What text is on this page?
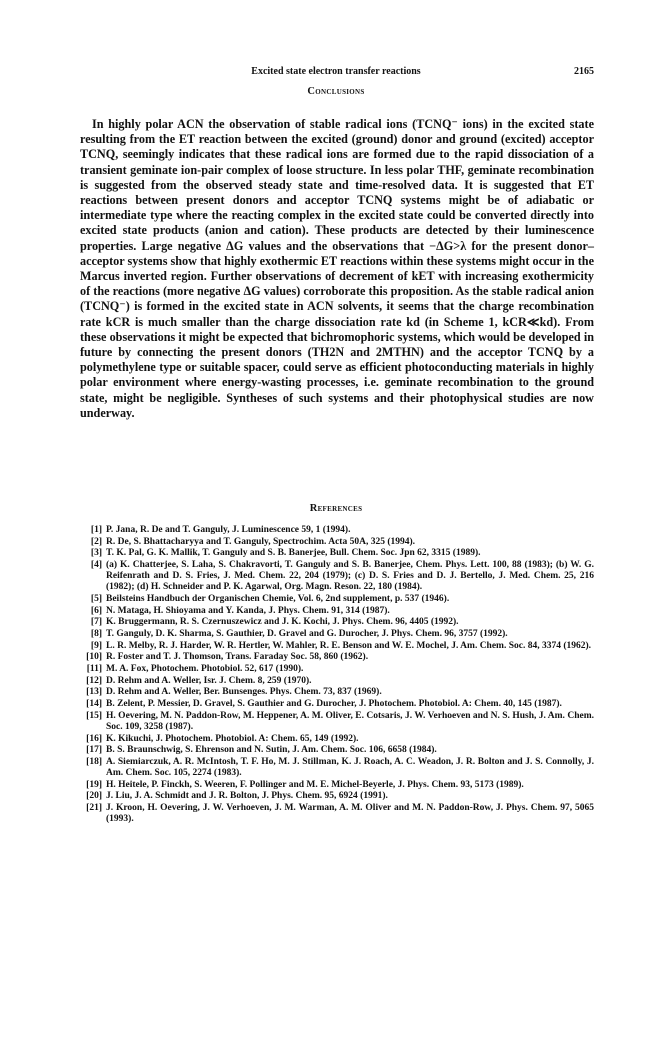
Excited state electron transfer reactions	2165
Conclusions

In highly polar ACN the observation of stable radical ions (TCNQ⁻ ions) in the excited state resulting from the ET reaction between the excited (ground) donor and ground (excited) acceptor TCNQ, seemingly indicates that these radical ions are formed due to the rapid dissociation of a transient geminate ion-pair complex of loose structure. In less polar THF, geminate recombination is suggested from the observed steady state and time-resolved data. It is suggested that ET reactions between present donors and acceptor TCNQ systems might be of adiabatic or intermediate type where the reacting complex in the excited state could be converted directly into excited state products (anion and cation). These products are detected by their luminescence properties. Large negative ΔG values and the observations that −ΔG>λ for the present donor–acceptor systems show that highly exothermic ET reactions within these systems might occur in the Marcus inverted region. Further observations of decrement of kET with increasing exothermicity of the reactions (more negative ΔG values) corroborate this proposition. As the stable radical anion (TCNQ⁻) is formed in the excited state in ACN solvents, it seems that the charge recombination rate kCR is much smaller than the charge dissociation rate kd (in Scheme 1, kCR≪kd). From these observations it might be expected that bichromophoric systems, which would be developed in future by connecting the present donors (TH2N and 2MTHN) and the acceptor TCNQ by a polymethylene type or suitable spacer, could serve as efficient photoconducting materials in highly polar environment where energy-wasting processes, i.e. geminate recombination to the ground state, might be negligible. Syntheses of such systems and their photophysical studies are now underway.

References
[1] P. Jana, R. De and T. Ganguly, J. Luminescence 59, 1 (1994).
[2] R. De, S. Bhattacharyya and T. Ganguly, Spectrochim. Acta 50A, 325 (1994).
[3] T. K. Pal, G. K. Mallik, T. Ganguly and S. B. Banerjee, Bull. Chem. Soc. Jpn 62, 3315 (1989).
[4] (a) K. Chatterjee, S. Laha, S. Chakravorti, T. Ganguly and S. B. Banerjee, Chem. Phys. Lett. 100, 88 (1983); (b) W. G. Reifenrath and D. S. Fries, J. Med. Chem. 22, 204 (1979); (c) D. S. Fries and D. J. Bertello, J. Med. Chem. 25, 216 (1982); (d) H. Schneider and P. K. Agarwal, Org. Magn. Reson. 22, 180 (1984).
[5] Beilsteins Handbuch der Organischen Chemie, Vol. 6, 2nd supplement, p. 537 (1946).
[6] N. Mataga, H. Shioyama and Y. Kanda, J. Phys. Chem. 91, 314 (1987).
[7] K. Bruggermann, R. S. Czernuszewicz and J. K. Kochi, J. Phys. Chem. 96, 4405 (1992).
[8] T. Ganguly, D. K. Sharma, S. Gauthier, D. Gravel and G. Durocher, J. Phys. Chem. 96, 3757 (1992).
[9] L. R. Melby, R. J. Harder, W. R. Hertler, W. Mahler, R. E. Benson and W. E. Mochel, J. Am. Chem. Soc. 84, 3374 (1962).
[10] R. Foster and T. J. Thomson, Trans. Faraday Soc. 58, 860 (1962).
[11] M. A. Fox, Photochem. Photobiol. 52, 617 (1990).
[12] D. Rehm and A. Weller, Isr. J. Chem. 8, 259 (1970).
[13] D. Rehm and A. Weller, Ber. Bunsenges. Phys. Chem. 73, 837 (1969).
[14] B. Zelent, P. Messier, D. Gravel, S. Gauthier and G. Durocher, J. Photochem. Photobiol. A: Chem. 40, 145 (1987).
[15] H. Oevering, M. N. Paddon-Row, M. Heppener, A. M. Oliver, E. Cotsaris, J. W. Verhoeven and N. S. Hush, J. Am. Chem. Soc. 109, 3258 (1987).
[16] K. Kikuchi, J. Photochem. Photobiol. A: Chem. 65, 149 (1992).
[17] B. S. Braunschwig, S. Ehrenson and N. Sutin, J. Am. Chem. Soc. 106, 6658 (1984).
[18] A. Siemiarczuk, A. R. McIntosh, T. F. Ho, M. J. Stillman, K. J. Roach, A. C. Weadon, J. R. Bolton and J. S. Connolly, J. Am. Chem. Soc. 105, 2274 (1983).
[19] H. Heitele, P. Finckh, S. Weeren, F. Pollinger and M. E. Michel-Beyerle, J. Phys. Chem. 93, 5173 (1989).
[20] J. Liu, J. A. Schmidt and J. R. Bolton, J. Phys. Chem. 95, 6924 (1991).
[21] J. Kroon, H. Oevering, J. W. Verhoeven, J. M. Warman, A. M. Oliver and M. N. Paddon-Row, J. Phys. Chem. 97, 5065 (1993).
